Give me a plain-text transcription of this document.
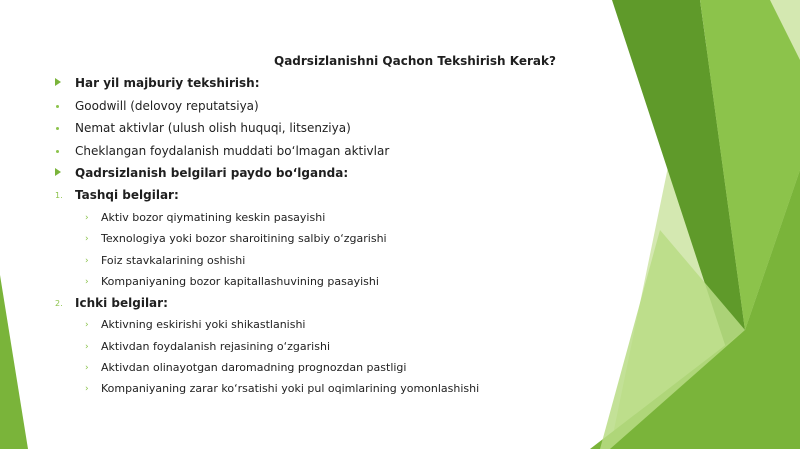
Qadrsizlanishni Qachon Tekshirish Kerak?
Har yil majburiy tekshirish:
Goodwill (delovoy reputatsiya)
Nemat aktivlar (ulush olish huquqi, litsenziya)
Cheklangan foydalanish muddati bo‘lmagan aktivlar
Qadrsizlanish belgilari paydo bo‘lganda:
1. Tashqi belgilar:
› Aktiv bozor qiymatining keskin pasayishi
› Texnologiya yoki bozor sharoitining salbiy o‘zgarishi
› Foiz stavkalarining oshishi
› Kompaniyaning bozor kapitallashuvining pasayishi
2. Ichki belgilar:
› Aktivning eskirishi yoki shikastlanishi
› Aktivdan foydalanish rejasining o‘zgarishi
› Aktivdan olinayotgan daromadning prognozdan pastligi
› Kompaniyaning zarar ko‘rsatishi yoki pul oqimlarining yomonlashishi
